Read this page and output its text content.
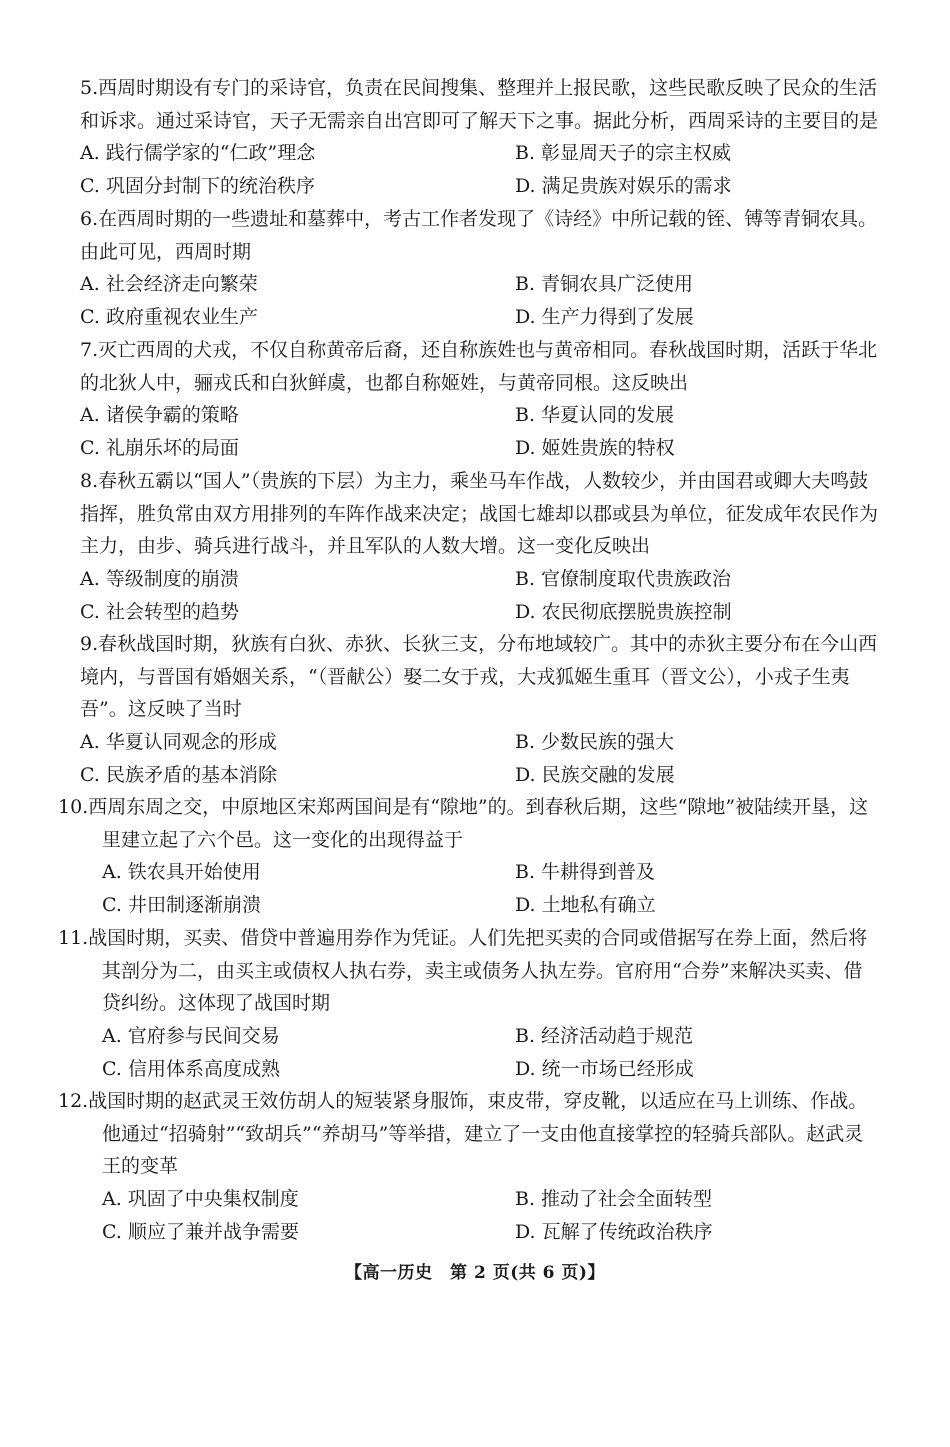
5.西周时期设有专门的采诗官，负责在民间搜集、整理并上报民歌，这些民歌反映了民众的生活和诉求。通过采诗官，天子无需亲自出宫即可了解天下之事。据此分析，西周采诗的主要目的是

A. 践行儒学家的“仁政”理念	B. 彰显周天子的宗主权威
C. 巩固分封制下的统治秩序	D. 满足贵族对娱乐的需求

6.在西周时期的一些遗址和墓葬中，考古工作者发现了《诗经》中所记载的铚、镈等青铜农具。由此可见，西周时期

A. 社会经济走向繁荣	B. 青铜农具广泛使用
C. 政府重视农业生产	D. 生产力得到了发展

7.灭亡西周的犬戎，不仅自称黄帝后裔，还自称族姓也与黄帝相同。春秋战国时期，活跃于华北的北狄人中，骊戎氏和白狄鲜虞，也都自称姬姓，与黄帝同根。这反映出

A. 诸侯争霸的策略	B. 华夏认同的发展
C. 礼崩乐坏的局面	D. 姬姓贵族的特权

8.春秋五霸以“国人”（贵族的下层）为主力，乘坐马车作战，人数较少，并由国君或卿大夫鸣鼓指挥，胜负常由双方用排列的车阵作战来决定；战国七雄却以郡或县为单位，征发成年农民作为主力，由步、骑兵进行战斗，并且军队的人数大增。这一变化反映出

A. 等级制度的崩溃	B. 官僚制度取代贵族政治
C. 社会转型的趋势	D. 农民彻底摆脱贵族控制

9.春秋战国时期，狄族有白狄、赤狄、长狄三支，分布地域较广。其中的赤狄主要分布在今山西境内，与晋国有婚姻关系，“（晋献公）娶二女于戎，大戎狐姬生重耳（晋文公），小戎子生夷吾”。这反映了当时

A. 华夏认同观念的形成	B. 少数民族的强大
C. 民族矛盾的基本消除	D. 民族交融的发展

10.西周东周之交，中原地区宋郑两国间是有“隙地”的。到春秋后期，这些“隙地”被陆续开垦，这里建立起了六个邑。这一变化的出现得益于

A. 铁农具开始使用	B. 牛耕得到普及
C. 井田制逐渐崩溃	D. 土地私有确立

11.战国时期，买卖、借贷中普遍用券作为凭证。人们先把买卖的合同或借据写在券上面，然后将其剖分为二，由买主或债权人执右券，卖主或债务人执左券。官府用“合券”来解决买卖、借贷纠纷。这体现了战国时期

A. 官府参与民间交易	B. 经济活动趋于规范
C. 信用体系高度成熟	D. 统一市场已经形成

12.战国时期的赵武灵王效仿胡人的短装紧身服饰，束皮带，穿皮靴，以适应在马上训练、作战。他通过“招骑射”“致胡兵”“养胡马”等举措，建立了一支由他直接掌控的轻骑兵部队。赵武灵王的变革

A. 巩固了中央集权制度	B. 推动了社会全面转型
C. 顺应了兼并战争需要	D. 瓦解了传统政治秩序
【高一历史　第 2 页(共 6 页)】
